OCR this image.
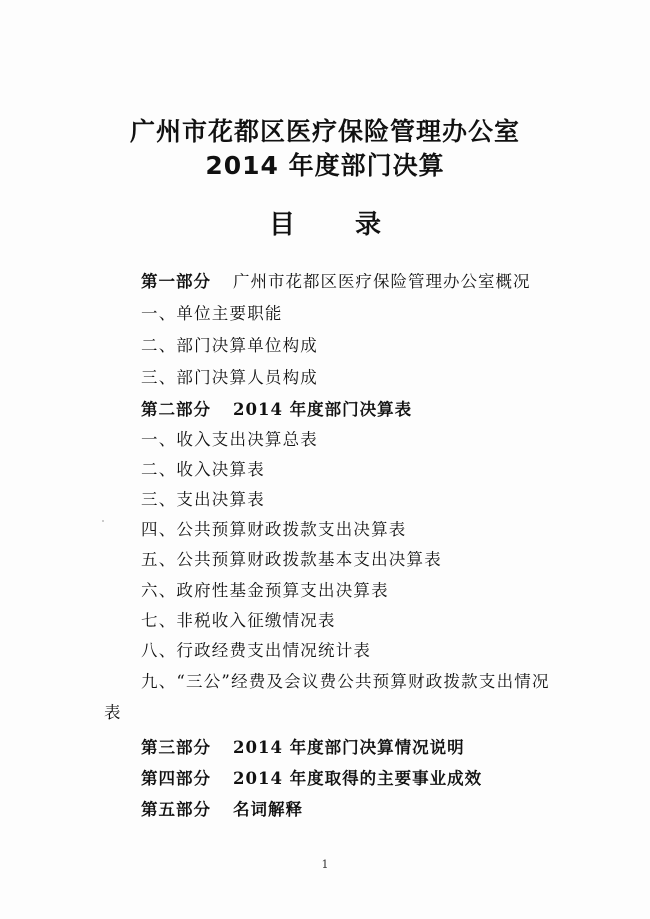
广州市花都区医疗保险管理办公室
2014 年度部门决算
目 录
第一部分 广州市花都区医疗保险管理办公室概况
一、单位主要职能
二、部门决算单位构成
三、部门决算人员构成
第二部分 2014 年度部门决算表
一、收入支出决算总表
二、收入决算表
三、支出决算表
四、公共预算财政拨款支出决算表
五、公共预算财政拨款基本支出决算表
六、政府性基金预算支出决算表
七、非税收入征缴情况表
八、行政经费支出情况统计表
九、“三公”经费及会议费公共预算财政拨款支出情况
表
第三部分 2014 年度部门决算情况说明
第四部分 2014 年度取得的主要事业成效
第五部分 名词解释
1
